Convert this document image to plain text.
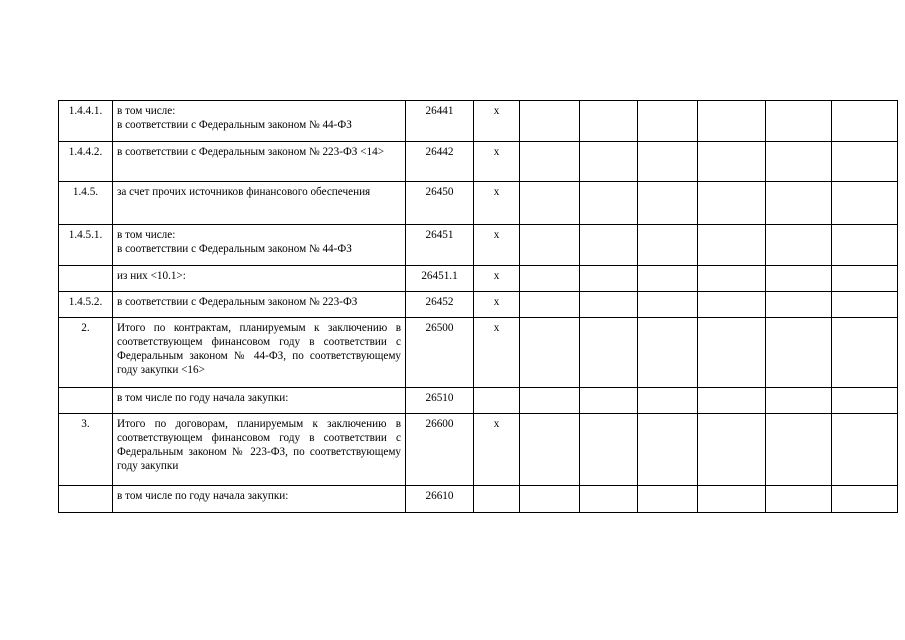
1.4.4.1.	в том числе:
в соответствии с Федеральным законом № 44-ФЗ	26441	x						
1.4.4.2.	в соответствии с Федеральным законом № 223-ФЗ <14>	26442	x						
1.4.5.	за счет прочих источников финансового обеспечения	26450	x						
1.4.5.1.	в том числе:
в соответствии с Федеральным законом № 44-ФЗ	26451	x						

	из них <10.1>:	26451.1	x						
1.4.5.2.	в соответствии с Федеральным законом № 223-ФЗ	26452	x						
2.	Итого по контрактам, планируемым к заключению в соответствующем финансовом году в соответствии с Федеральным законом № 44-ФЗ, по соответствующему году закупки <16>	26500	x						

	в том числе по году начала закупки:	26510							
3.	Итого по договорам, планируемым к заключению в соответствующем финансовом году в соответствии с Федеральным законом № 223-ФЗ, по соответствующему году закупки	26600	x						

	в том числе по году начала закупки:	26610							
